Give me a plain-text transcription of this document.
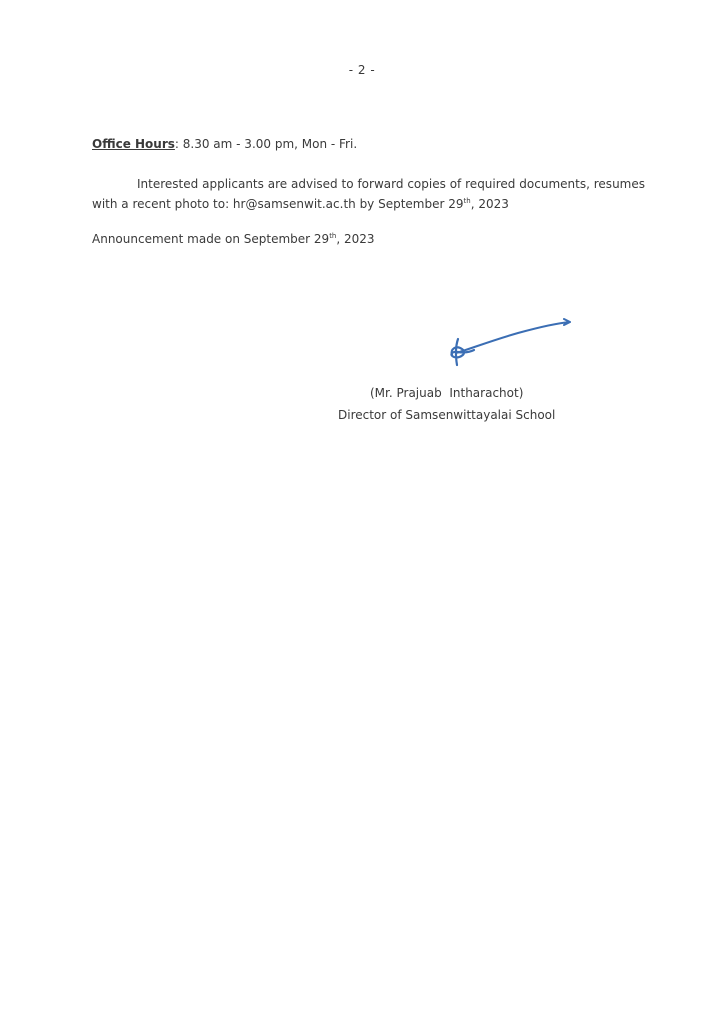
- 2 -
Office Hours: 8.30 am - 3.00 pm, Mon - Fri.
Interested applicants are advised to forward copies of required documents, resumes
with a recent photo to: hr@samsenwit.ac.th by September 29th, 2023
Announcement made on September 29th, 2023
(Mr. Prajuab  Intharachot)
Director of Samsenwittayalai School
